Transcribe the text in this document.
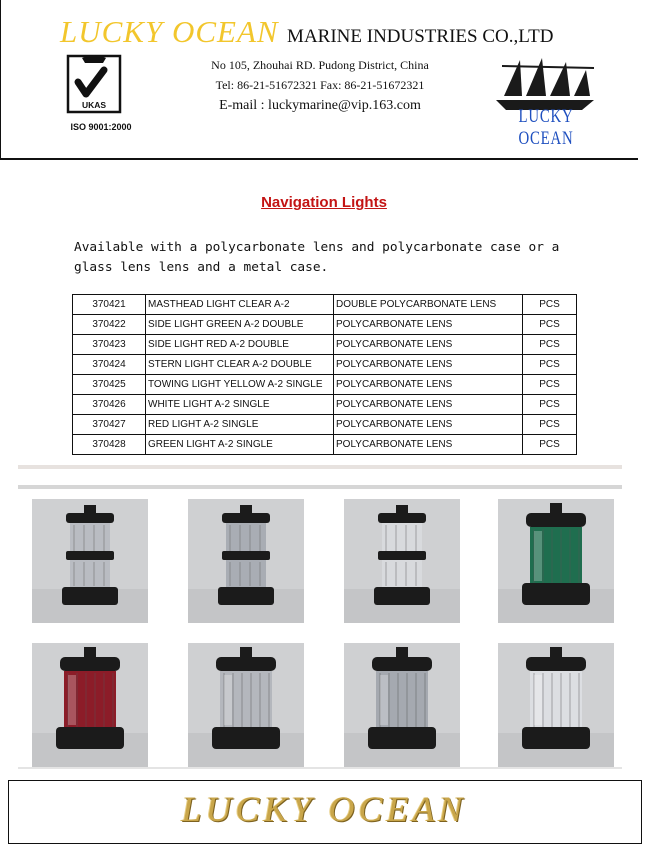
LUCKY OCEAN MARINE INDUSTRIES CO.,LTD
UKAS
ISO 9001:2000
No 105, Zhouhai RD. Pudong District, China
Tel: 86-21-51672321 Fax: 86-21-51672321
E-mail : luckymarine@vip.163.com
LUCKY OCEAN
Navigation Lights
Available with a polycarbonate lens and polycarbonate case or a glass lens lens and a metal case.
370421	MASTHEAD LIGHT CLEAR A-2	DOUBLE POLYCARBONATE LENS	PCS
370422	SIDE LIGHT GREEN A-2 DOUBLE	POLYCARBONATE LENS	PCS
370423	SIDE LIGHT RED A-2 DOUBLE	POLYCARBONATE LENS	PCS
370424	STERN LIGHT CLEAR A-2 DOUBLE	POLYCARBONATE LENS	PCS
370425	TOWING LIGHT YELLOW A-2 SINGLE	POLYCARBONATE LENS	PCS
370426	WHITE LIGHT A-2 SINGLE	POLYCARBONATE LENS	PCS
370427	RED LIGHT A-2 SINGLE	POLYCARBONATE LENS	PCS
370428	GREEN LIGHT A-2 SINGLE	POLYCARBONATE LENS	PCS
LUCKY OCEAN
